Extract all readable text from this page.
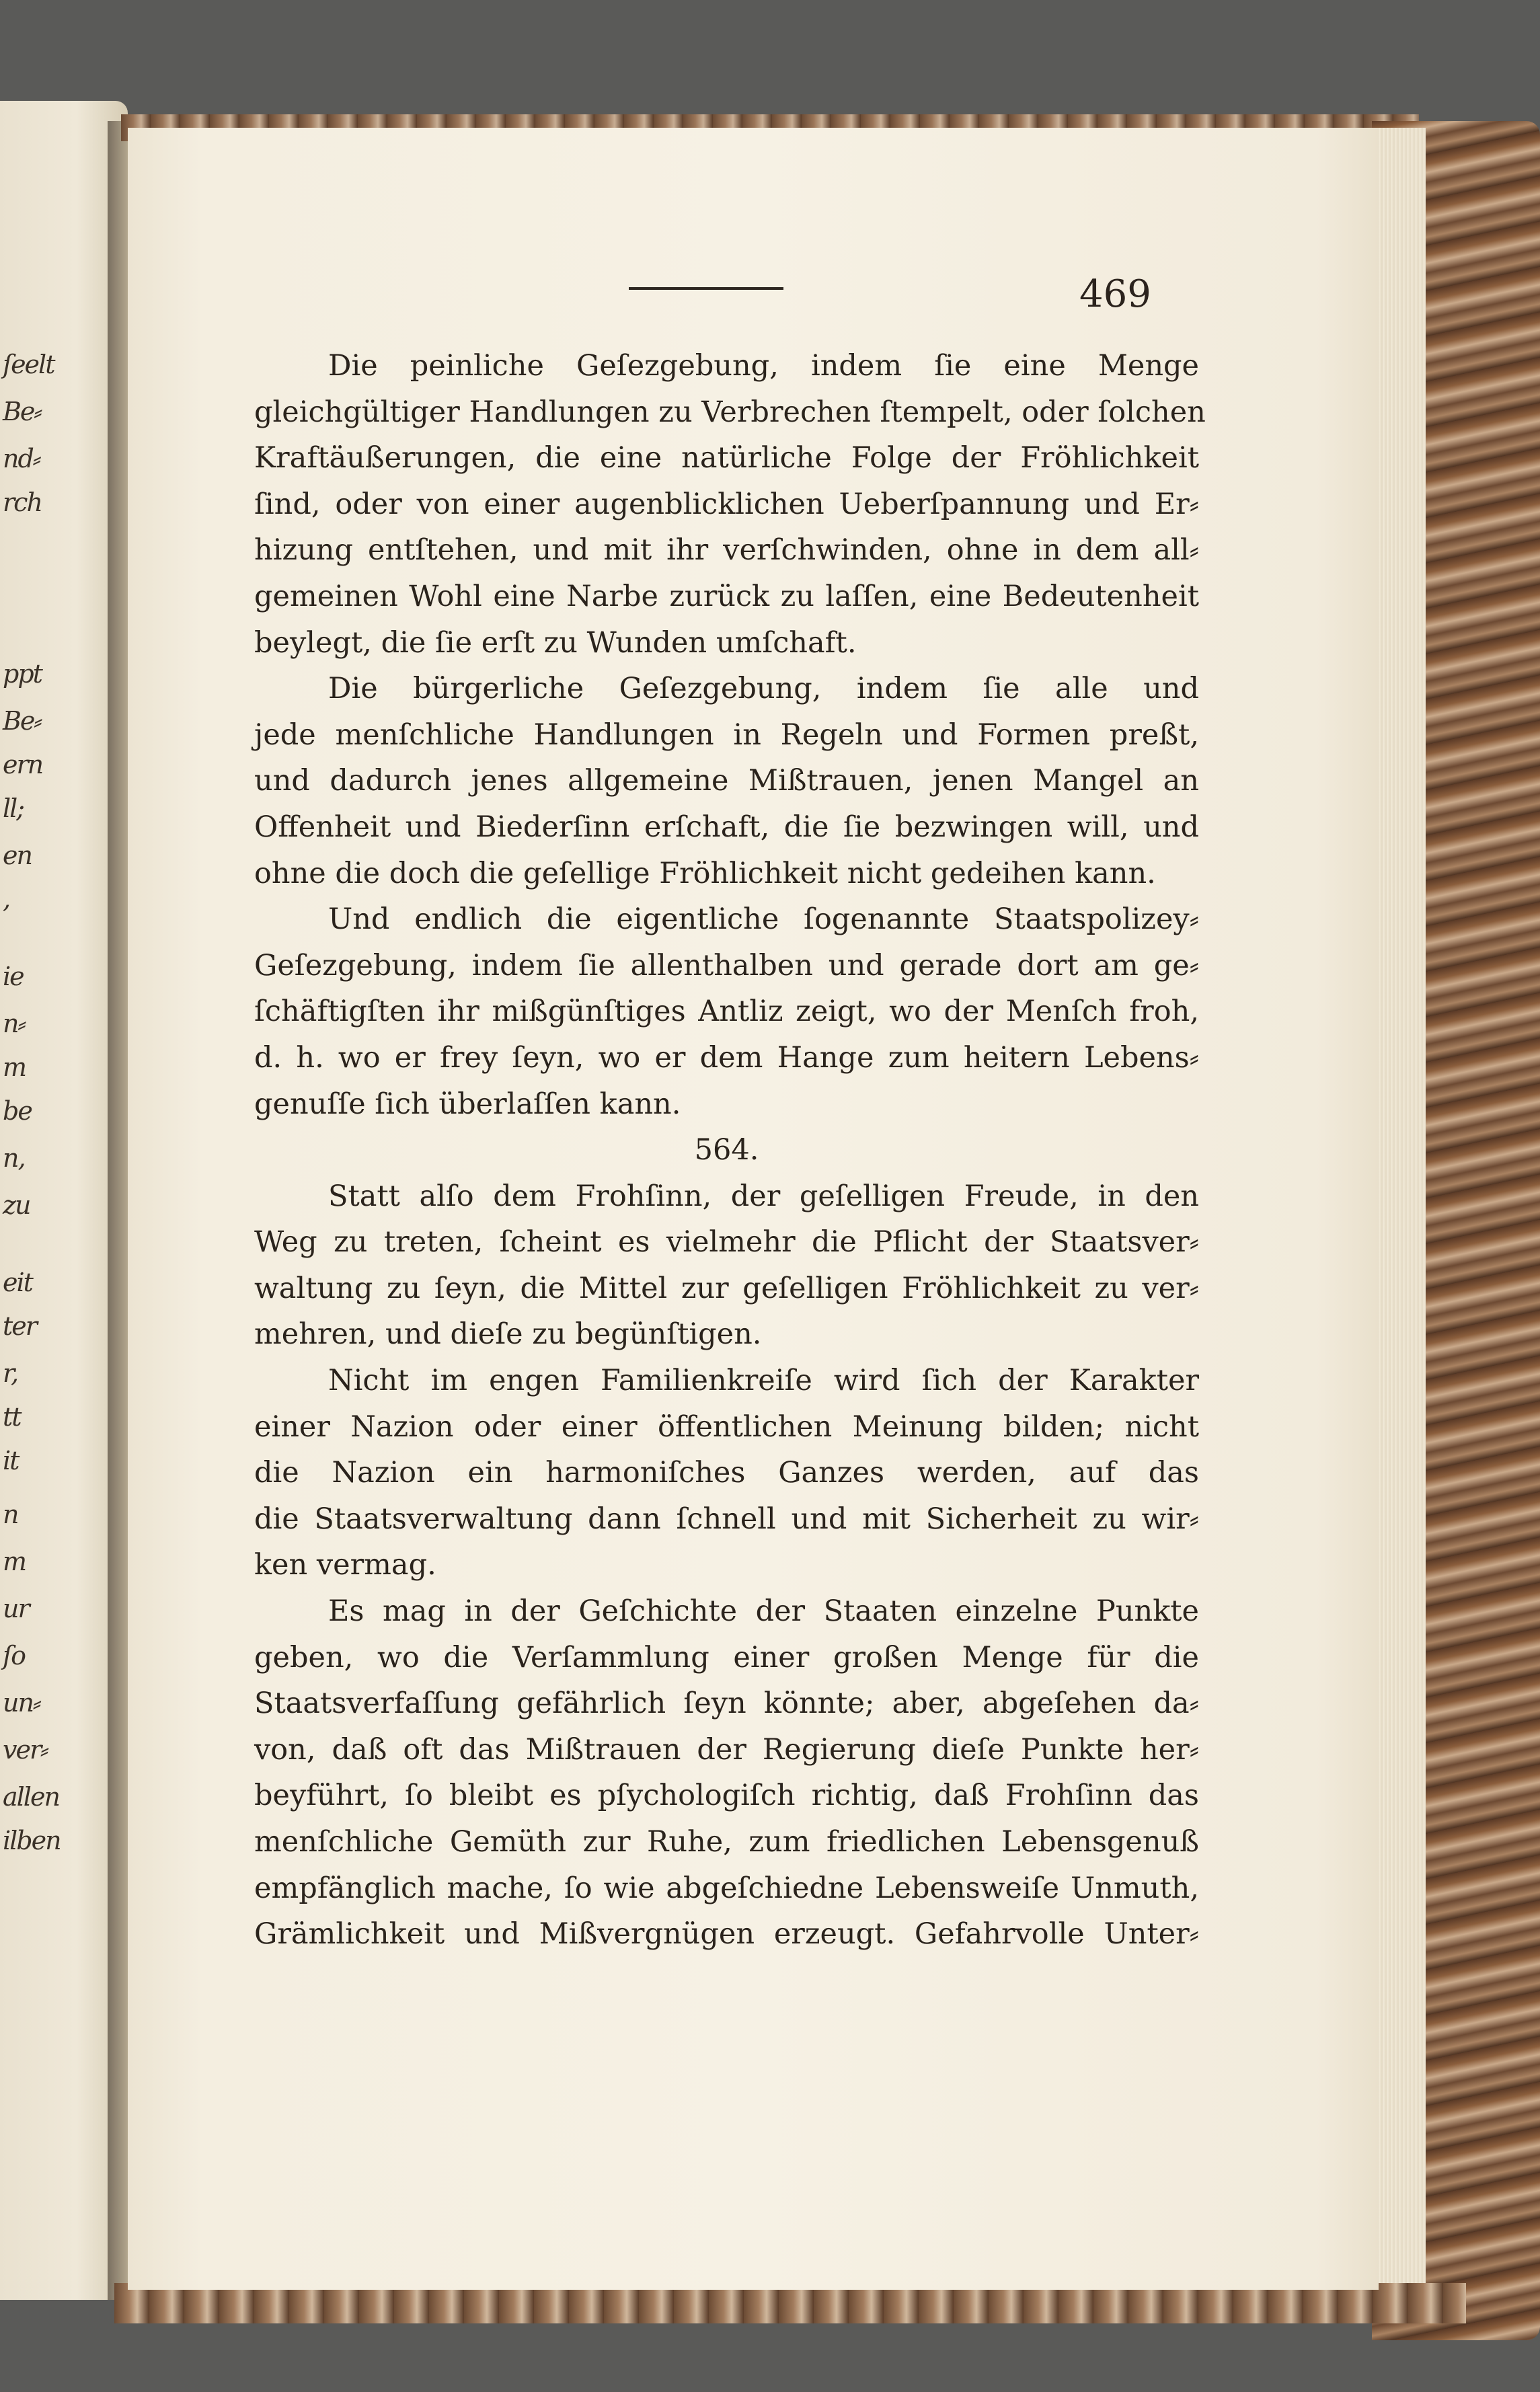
ſeelt
Be⸗
nd⸗
rch
ppt
Be⸗
ern
ll;
en
,
ie
n⸗
m
be
n,
zu
eit
ter
r,
tt
it
n
m
ur
ſo
un⸗
ver⸗
allen
ilben
469
Die peinliche Geſezgebung, indem ſie eine Menge
gleichgültiger Handlungen zu Verbrechen ſtempelt, oder ſolchen
Kraftäußerungen, die eine natürliche Folge der Fröhlichkeit
ſind, oder von einer augenblicklichen Ueberſpannung und Er⸗
hizung entſtehen, und mit ihr verſchwinden, ohne in dem all⸗
gemeinen Wohl eine Narbe zurück zu laſſen, eine Bedeutenheit
beylegt, die ſie erſt zu Wunden umſchaft.
Die bürgerliche Geſezgebung, indem ſie alle und
jede menſchliche Handlungen in Regeln und Formen preßt,
und dadurch jenes allgemeine Mißtrauen, jenen Mangel an
Offenheit und Biederſinn erſchaft, die ſie bezwingen will, und
ohne die doch die geſellige Fröhlichkeit nicht gedeihen kann.
Und endlich die eigentliche ſogenannte Staatspolizey⸗
Geſezgebung, indem ſie allenthalben und gerade dort am ge⸗
ſchäftigſten ihr mißgünſtiges Antliz zeigt, wo der Menſch froh,
d. h. wo er frey ſeyn, wo er dem Hange zum heitern Lebens⸗
genuſſe ſich überlaſſen kann.
564.
Statt alſo dem Frohſinn, der geſelligen Freude, in den
Weg zu treten, ſcheint es vielmehr die Pflicht der Staatsver⸗
waltung zu ſeyn, die Mittel zur geſelligen Fröhlichkeit zu ver⸗
mehren, und dieſe zu begünſtigen.
Nicht im engen Familienkreiſe wird ſich der Karakter
einer Nazion oder einer öffentlichen Meinung bilden; nicht
die Nazion ein harmoniſches Ganzes werden, auf das
die Staatsverwaltung dann ſchnell und mit Sicherheit zu wir⸗
ken vermag.
Es mag in der Geſchichte der Staaten einzelne Punkte
geben, wo die Verſammlung einer großen Menge für die
Staatsverfaſſung gefährlich ſeyn könnte; aber, abgeſehen da⸗
von, daß oft das Mißtrauen der Regierung dieſe Punkte her⸗
beyführt, ſo bleibt es pſychologiſch richtig, daß Frohſinn das
menſchliche Gemüth zur Ruhe, zum friedlichen Lebensgenuß
empfänglich mache, ſo wie abgeſchiedne Lebensweiſe Unmuth,
Grämlichkeit und Mißvergnügen erzeugt. Gefahrvolle Unter⸗
